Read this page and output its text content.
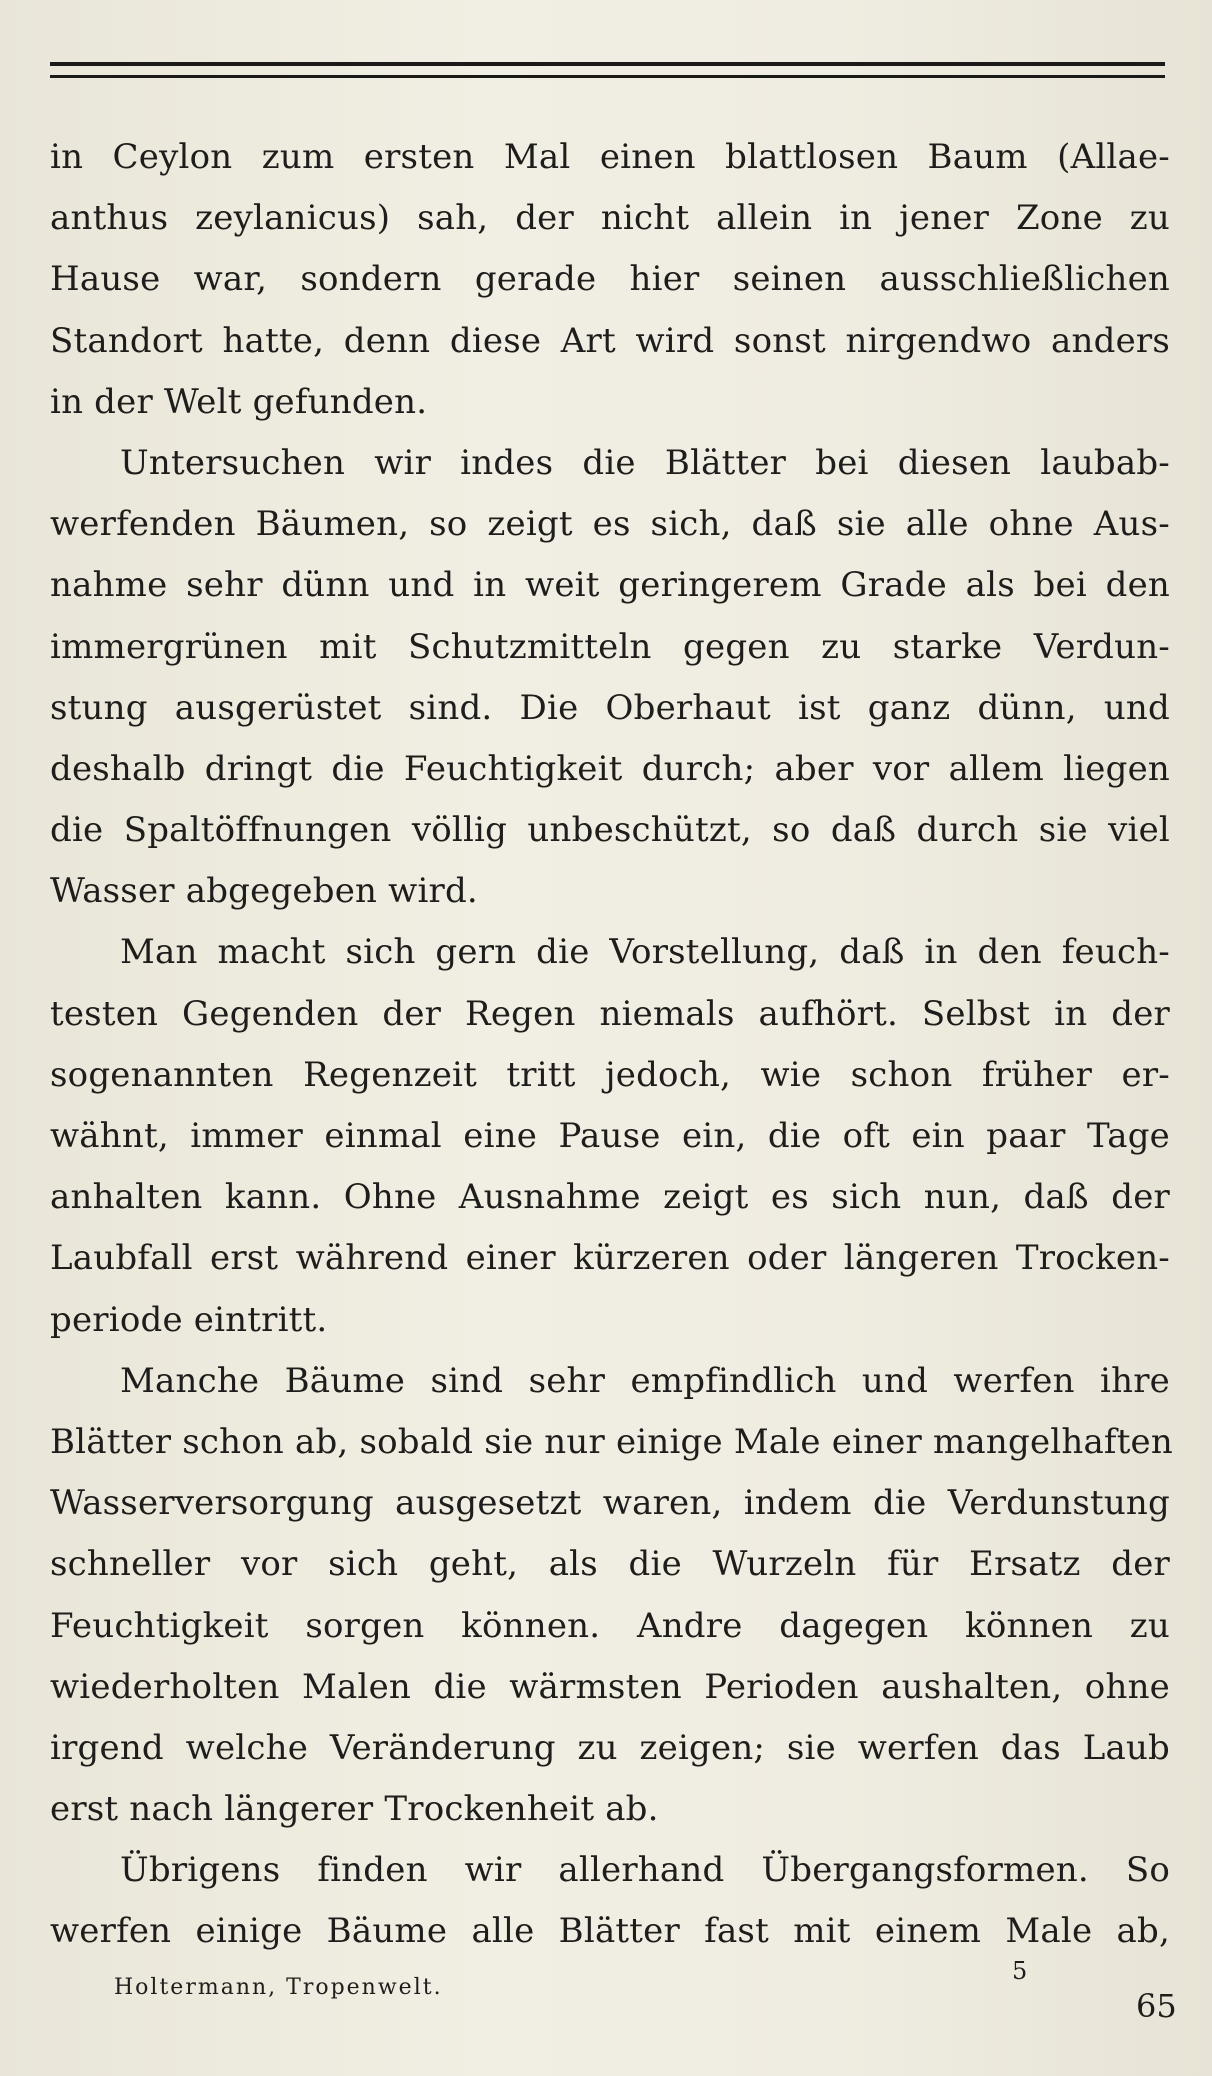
in Ceylon zum ersten Mal einen blattlosen Baum (Allae-
anthus zeylanicus) sah, der nicht allein in jener Zone zu
Hause war, sondern gerade hier seinen ausschließlichen
Standort hatte, denn diese Art wird sonst nirgendwo anders
in der Welt gefunden.
Untersuchen wir indes die Blätter bei diesen laubab-
werfenden Bäumen, so zeigt es sich, daß sie alle ohne Aus-
nahme sehr dünn und in weit geringerem Grade als bei den
immergrünen mit Schutzmitteln gegen zu starke Verdun-
stung ausgerüstet sind. Die Oberhaut ist ganz dünn, und
deshalb dringt die Feuchtigkeit durch; aber vor allem liegen
die Spaltöffnungen völlig unbeschützt, so daß durch sie viel
Wasser abgegeben wird.
Man macht sich gern die Vorstellung, daß in den feuch-
testen Gegenden der Regen niemals aufhört. Selbst in der
sogenannten Regenzeit tritt jedoch, wie schon früher er-
wähnt, immer einmal eine Pause ein, die oft ein paar Tage
anhalten kann. Ohne Ausnahme zeigt es sich nun, daß der
Laubfall erst während einer kürzeren oder längeren Trocken-
periode eintritt.
Manche Bäume sind sehr empfindlich und werfen ihre
Blätter schon ab, sobald sie nur einige Male einer mangelhaften
Wasserversorgung ausgesetzt waren, indem die Verdunstung
schneller vor sich geht, als die Wurzeln für Ersatz der
Feuchtigkeit sorgen können. Andre dagegen können zu
wiederholten Malen die wärmsten Perioden aushalten, ohne
irgend welche Veränderung zu zeigen; sie werfen das Laub
erst nach längerer Trockenheit ab.
Übrigens finden wir allerhand Übergangsformen. So
werfen einige Bäume alle Blätter fast mit einem Male ab,
Holtermann, Tropenwelt.
5
65
